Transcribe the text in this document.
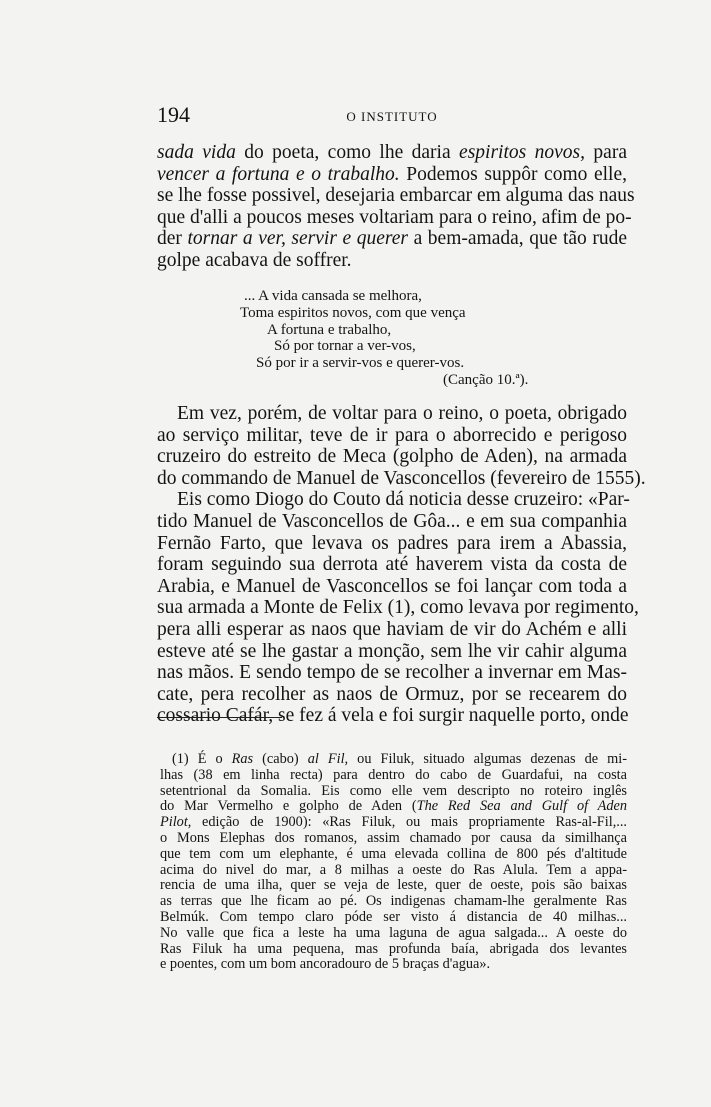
194	O INSTITUTO
sada vida do poeta, como lhe daria espiritos novos, para
vencer a fortuna e o trabalho. Podemos suppôr como elle,
se lhe fosse possivel, desejaria embarcar em alguma das naus
que d'alli a poucos meses voltariam para o reino, afim de po-
der tornar a ver, servir e querer a bem-amada, que tão rude
golpe acabava de soffrer.
... A vida cansada se melhora,
Toma espiritos novos, com que vença
A fortuna e trabalho,
Só por tornar a ver-vos,
Só por ir a servir-vos e querer-vos.
(Canção 10.ª).
Em vez, porém, de voltar para o reino, o poeta, obrigado
ao serviço militar, teve de ir para o aborrecido e perigoso
cruzeiro do estreito de Meca (golpho de Aden), na armada
do commando de Manuel de Vasconcellos (fevereiro de 1555).
Eis como Diogo do Couto dá noticia desse cruzeiro: «Par-
tido Manuel de Vasconcellos de Gôa... e em sua companhia
Fernão Farto, que levava os padres para irem a Abassia,
foram seguindo sua derrota até haverem vista da costa de
Arabia, e Manuel de Vasconcellos se foi lançar com toda a
sua armada a Monte de Felix (1), como levava por regimento,
pera alli esperar as naos que haviam de vir do Achém e alli
esteve até se lhe gastar a monção, sem lhe vir cahir alguma
nas mãos. E sendo tempo de se recolher a invernar em Mas-
cate, pera recolher as naos de Ormuz, por se recearem do
cossario Cafár, se fez á vela e foi surgir naquelle porto, onde
(1) É o Ras (cabo) al Fil, ou Filuk, situado algumas dezenas de mi-
lhas (38 em linha recta) para dentro do cabo de Guardafui, na costa
setentrional da Somalia. Eis como elle vem descripto no roteiro inglês
do Mar Vermelho e golpho de Aden (The Red Sea and Gulf of Aden
Pilot, edição de 1900): «Ras Filuk, ou mais propriamente Ras-al-Fil,...
o Mons Elephas dos romanos, assim chamado por causa da similhança
que tem com um elephante, é uma elevada collina de 800 pés d'altitude
acima do nivel do mar, a 8 milhas a oeste do Ras Alula. Tem a appa-
rencia de uma ilha, quer se veja de leste, quer de oeste, pois são baixas
as terras que lhe ficam ao pé. Os indigenas chamam-lhe geralmente Ras
Belmúk. Com tempo claro póde ser visto á distancia de 40 milhas...
No valle que fica a leste ha uma laguna de agua salgada... A oeste do
Ras Filuk ha uma pequena, mas profunda baía, abrigada dos levantes
e poentes, com um bom ancoradouro de 5 braças d'agua».
